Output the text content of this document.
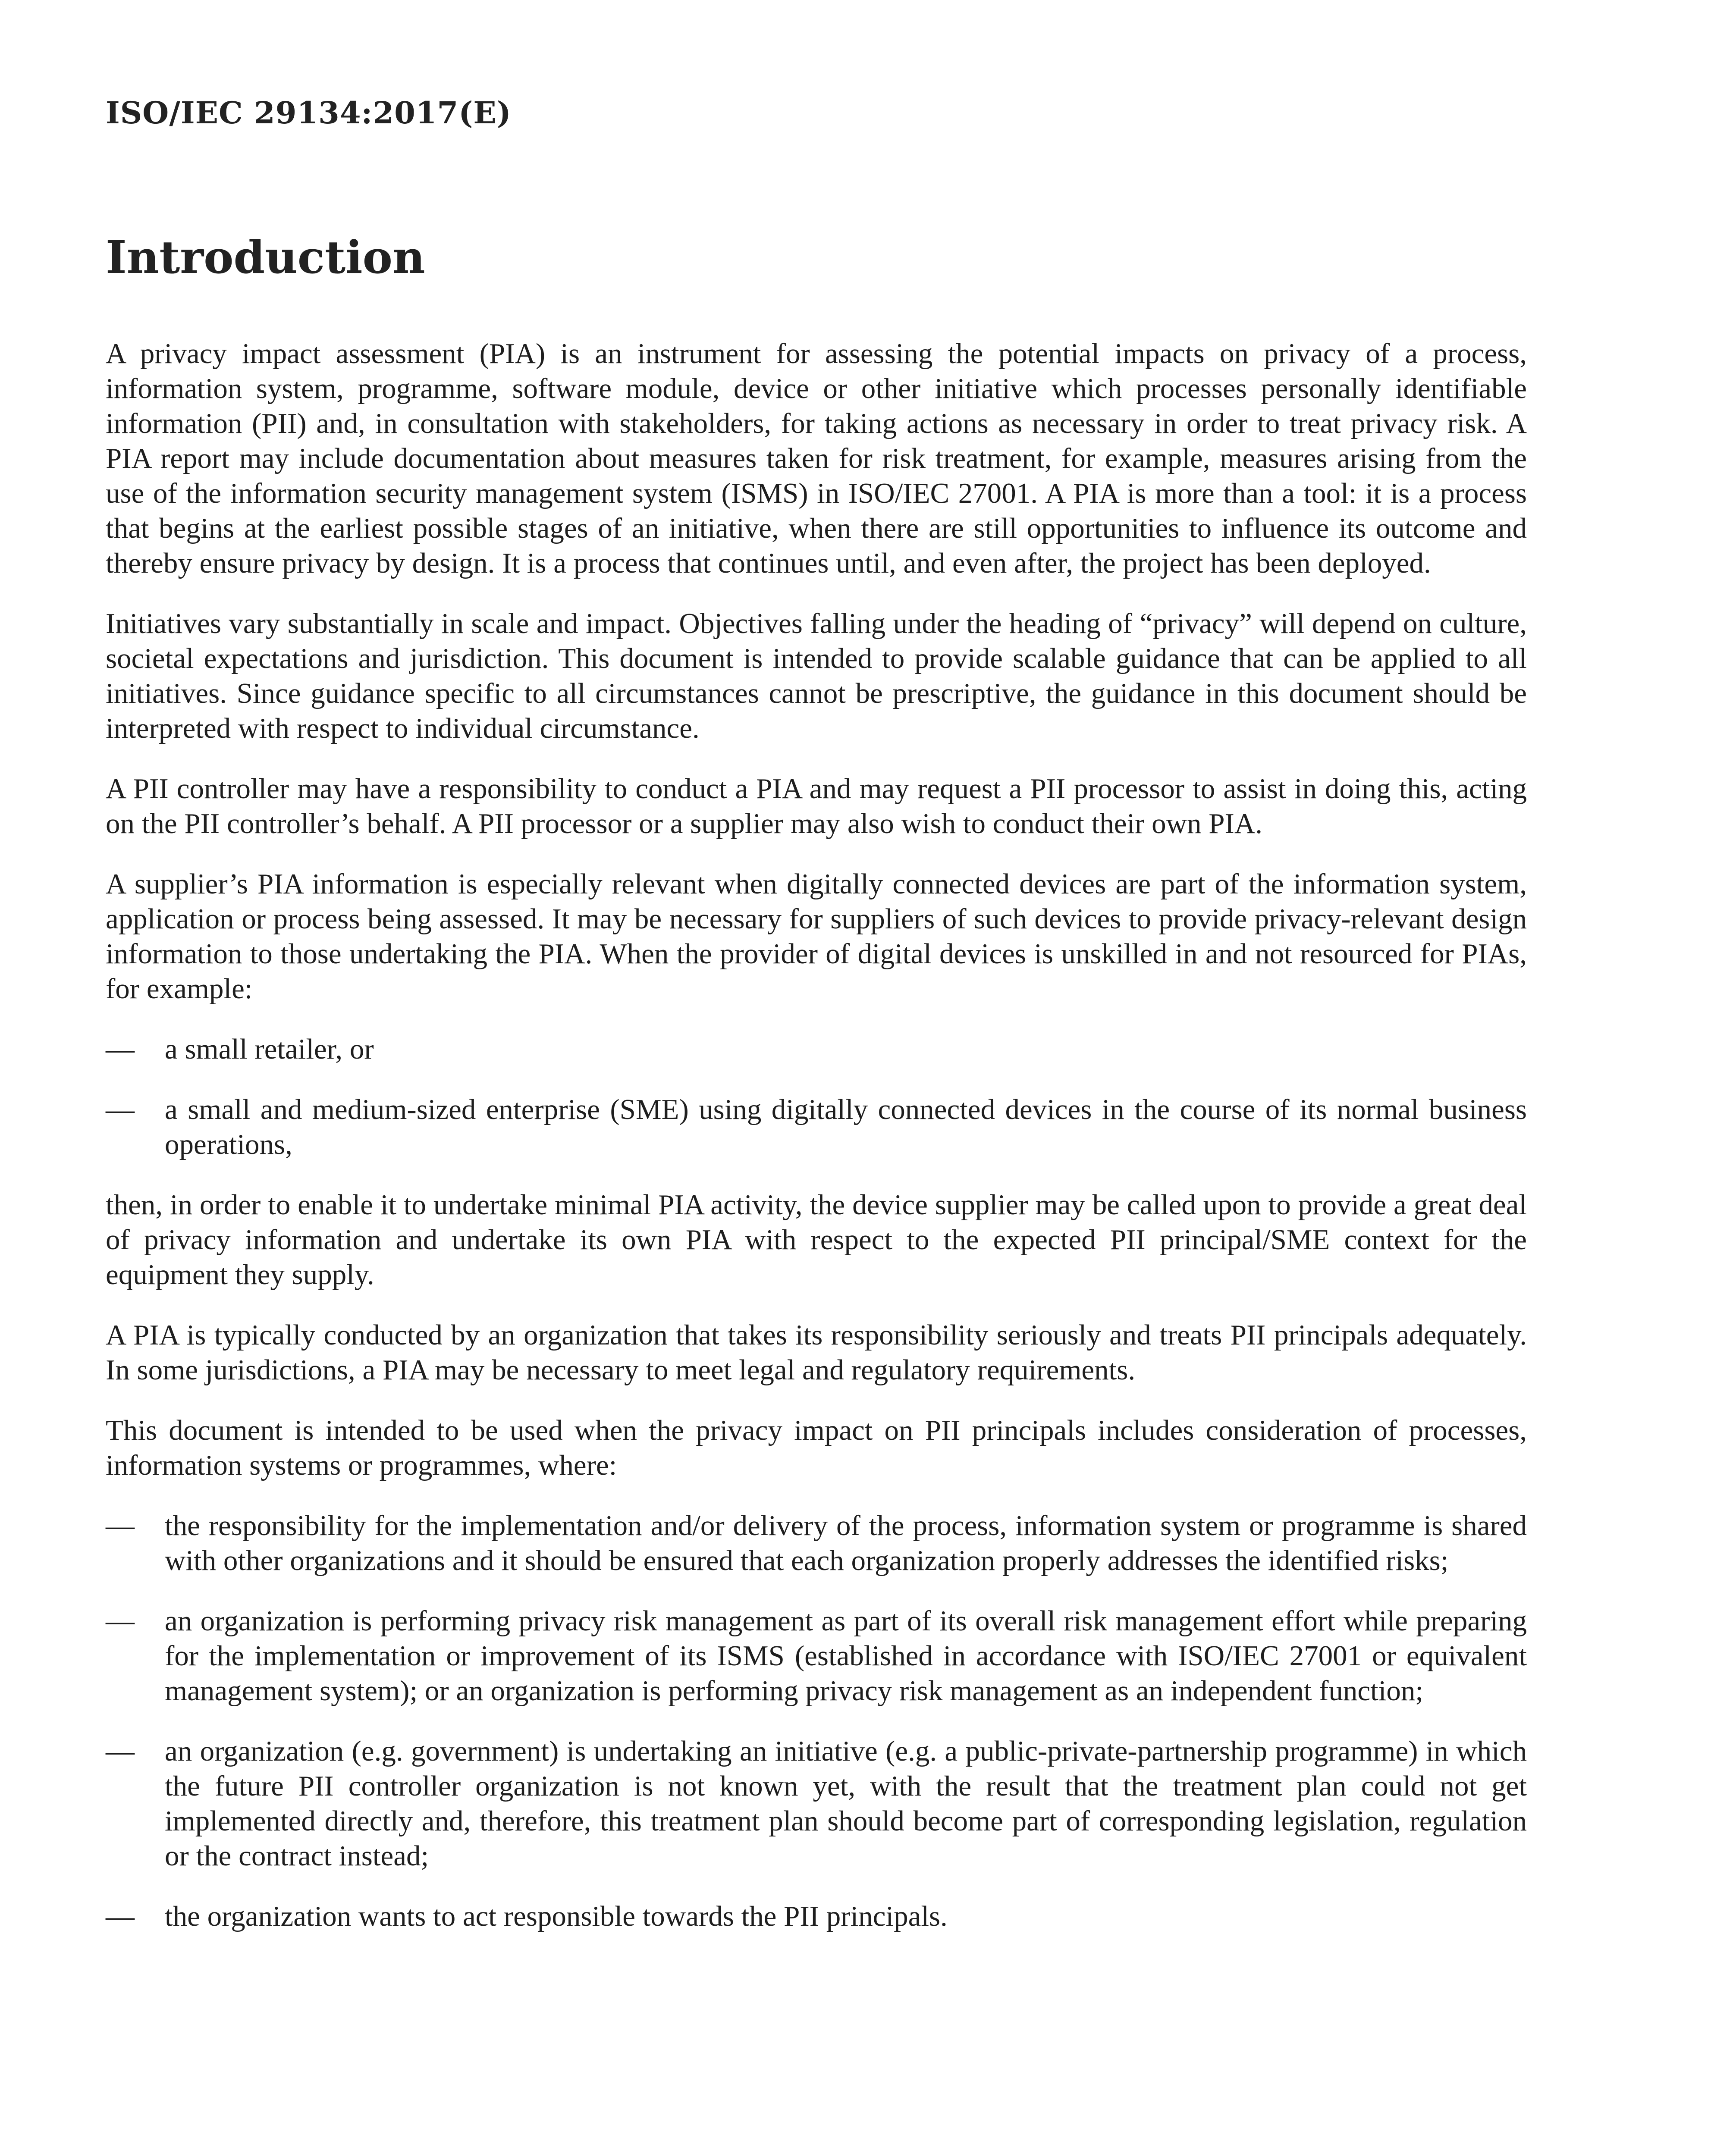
ISO/IEC 29134:2017(E)
Introduction

A privacy impact assessment (PIA) is an instrument for assessing the potential impacts on privacy of a process, information system, programme, software module, device or other initiative which processes personally identifiable information (PII) and, in consultation with stakeholders, for taking actions as necessary in order to treat privacy risk. A PIA report may include documentation about measures taken for risk treatment, for example, measures arising from the use of the information security management system (ISMS) in ISO/IEC 27001. A PIA is more than a tool: it is a process that begins at the earliest possible stages of an initiative, when there are still opportunities to influence its outcome and thereby ensure privacy by design. It is a process that continues until, and even after, the project has been deployed.

Initiatives vary substantially in scale and impact. Objectives falling under the heading of “privacy” will depend on culture, societal expectations and jurisdiction. This document is intended to provide scalable guidance that can be applied to all initiatives. Since guidance specific to all circumstances cannot be prescriptive, the guidance in this document should be interpreted with respect to individual circumstance.

A PII controller may have a responsibility to conduct a PIA and may request a PII processor to assist in doing this, acting on the PII controller’s behalf. A PII processor or a supplier may also wish to conduct their own PIA.

A supplier’s PIA information is especially relevant when digitally connected devices are part of the information system, application or process being assessed. It may be necessary for suppliers of such devices to provide privacy-relevant design information to those undertaking the PIA. When the provider of digital devices is unskilled in and not resourced for PIAs, for example:

— a small retailer, or
— a small and medium-sized enterprise (SME) using digitally connected devices in the course of its normal business operations,

then, in order to enable it to undertake minimal PIA activity, the device supplier may be called upon to provide a great deal of privacy information and undertake its own PIA with respect to the expected PII principal/SME context for the equipment they supply.

A PIA is typically conducted by an organization that takes its responsibility seriously and treats PII principals adequately. In some jurisdictions, a PIA may be necessary to meet legal and regulatory requirements.

This document is intended to be used when the privacy impact on PII principals includes consideration of processes, information systems or programmes, where:

— the responsibility for the implementation and/or delivery of the process, information system or programme is shared with other organizations and it should be ensured that each organization properly addresses the identified risks;
— an organization is performing privacy risk management as part of its overall risk management effort while preparing for the implementation or improvement of its ISMS (established in accordance with ISO/IEC 27001 or equivalent management system); or an organization is performing privacy risk management as an independent function;
— an organization (e.g. government) is undertaking an initiative (e.g. a public-private-partnership programme) in which the future PII controller organization is not known yet, with the result that the treatment plan could not get implemented directly and, therefore, this treatment plan should become part of corresponding legislation, regulation or the contract instead;
— the organization wants to act responsible towards the PII principals.
